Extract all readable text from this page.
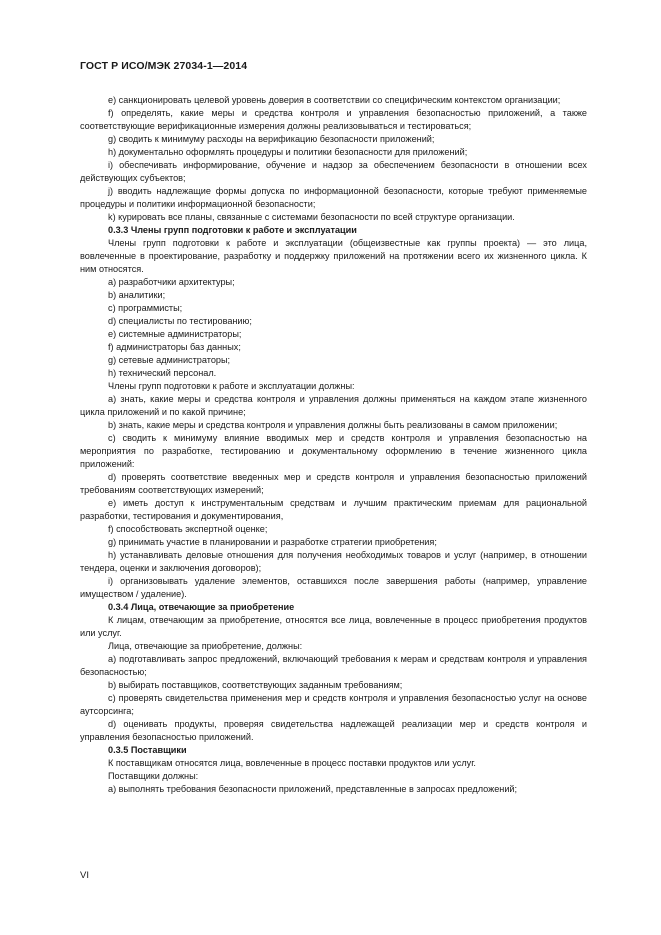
ГОСТ Р ИСО/МЭК 27034-1—2014

е) санкционировать целевой уровень доверия в соответствии со специфическим контекстом организации;

f) определять, какие меры и средства контроля и управления безопасностью приложений, а также соответствующие верификационные измерения должны реализовываться и тестироваться;

g) сводить к минимуму расходы на верификацию безопасности приложений;

h) документально оформлять процедуры и политики безопасности для приложений;

i) обеспечивать информирование, обучение и надзор за обеспечением безопасности в отношении всех действующих субъектов;

j) вводить надлежащие формы допуска по информационной безопасности, которые требуют применяемые процедуры и политики информационной безопасности;

k) курировать все планы, связанные с системами безопасности по всей структуре организации.

0.3.3 Члены групп подготовки к работе и эксплуатации

Члены групп подготовки к работе и эксплуатации (общеизвестные как группы проекта) — это лица, вовлеченные в проектирование, разработку и поддержку приложений на протяжении всего их жизненного цикла. К ним относятся.

а) разработчики архитектуры;

b) аналитики;

c) программисты;

d) специалисты по тестированию;

е) системные администраторы;

f) администраторы баз данных;

g) сетевые администраторы;

h) технический персонал.

Члены групп подготовки к работе и эксплуатации должны:

а) знать, какие меры и средства контроля и управления должны применяться на каждом этапе жизненного цикла приложений и по какой причине;

b) знать, какие меры и средства контроля и управления должны быть реализованы в самом приложении;

c) сводить к минимуму влияние вводимых мер и средств контроля и управления безопасностью на мероприятия по разработке, тестированию и документальному оформлению в течение жизненного цикла приложений:

d) проверять соответствие введенных мер и средств контроля и управления безопасностью приложений требованиям соответствующих измерений;

е) иметь доступ к инструментальным средствам и лучшим практическим приемам для рациональной разработки, тестирования и документирования,

f) способствовать экспертной оценке;

g) принимать участие в планировании и разработке стратегии приобретения;

h) устанавливать деловые отношения для получения необходимых товаров и услуг (например, в отношении тендера, оценки и заключения договоров);

i) организовывать удаление элементов, оставшихся после завершения работы (например, управление имуществом / удаление).

0.3.4 Лица, отвечающие за приобретение

К лицам, отвечающим за приобретение, относятся все лица, вовлеченные в процесс приобретения продуктов или услуг.

Лица, отвечающие за приобретение, должны:

а) подготавливать запрос предложений, включающий требования к мерам и средствам контроля и управления безопасностью;

b) выбирать поставщиков, соответствующих заданным требованиям;

c) проверять свидетельства применения мер и средств контроля и управления безопасностью услуг на основе аутсорсинга;

d) оценивать продукты, проверяя свидетельства надлежащей реализации мер и средств контроля и управления безопасностью приложений.

0.3.5 Поставщики

К поставщикам относятся лица, вовлеченные в процесс поставки продуктов или услуг.

Поставщики должны:

а) выполнять требования безопасности приложений, представленные в запросах предложений;

VI
